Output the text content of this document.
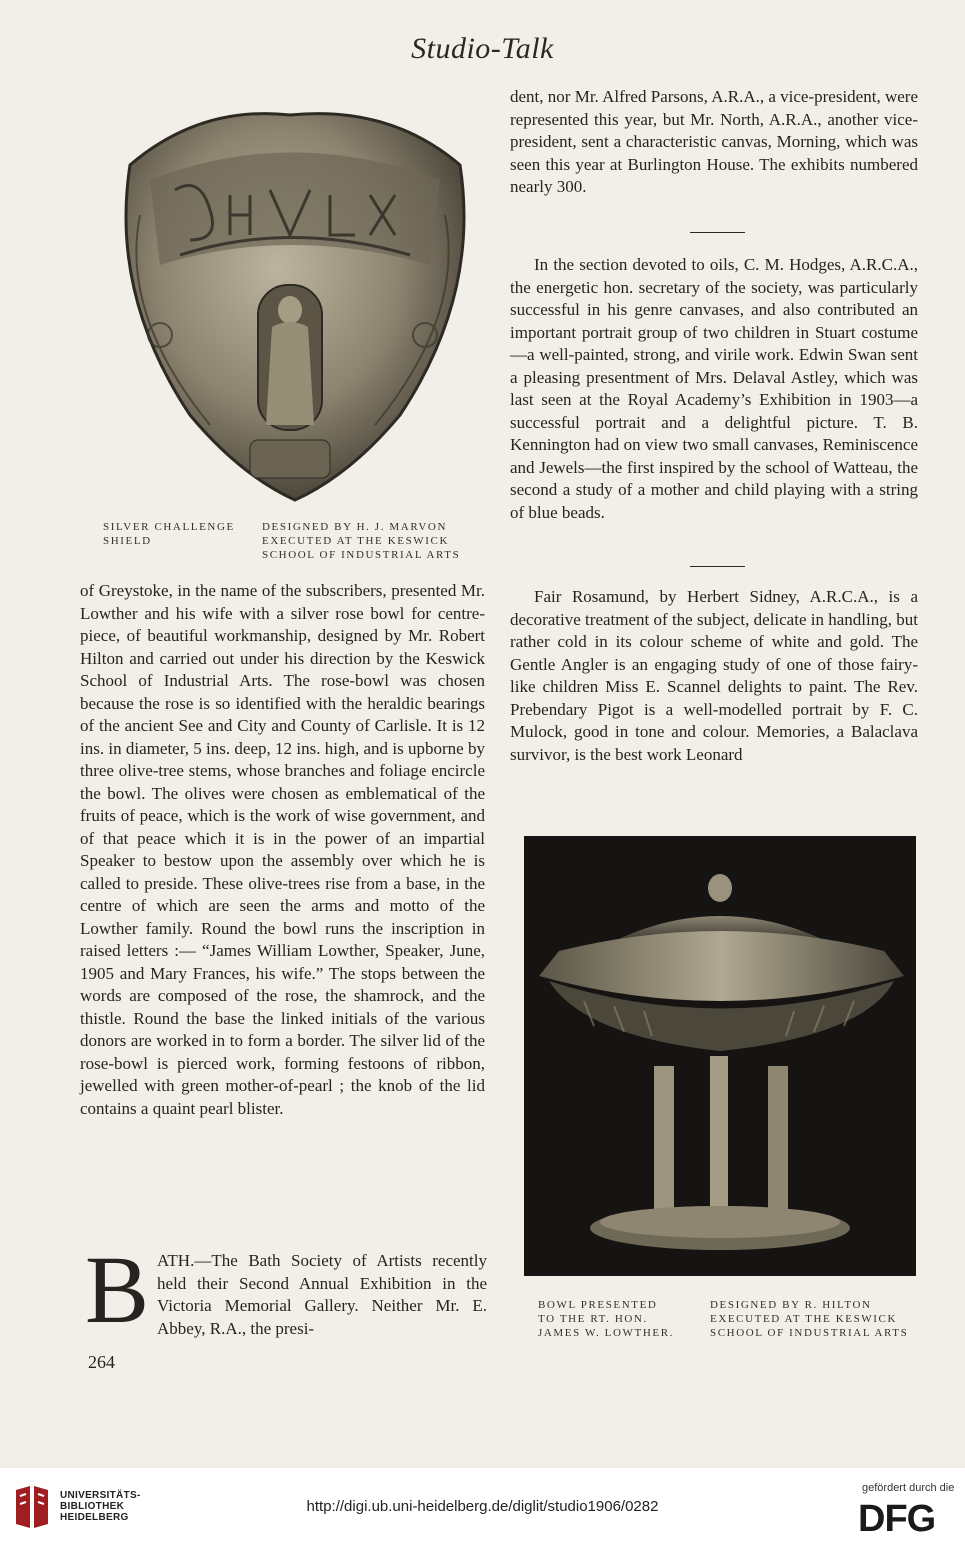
Studio-Talk
SILVER CHALLENGE
SHIELD
DESIGNED BY H. J. MARVON
EXECUTED AT THE KESWICK
SCHOOL OF INDUSTRIAL ARTS
of Greystoke, in the name of the subscribers, presented Mr. Lowther and his wife with a silver rose bowl for centre-piece, of beautiful workmanship, designed by Mr. Robert Hilton and carried out under his direction by the Keswick School of Industrial Arts. The rose-bowl was chosen because the rose is so identified with the heraldic bearings of the ancient See and City and County of Carlisle. It is 12 ins. in diameter, 5 ins. deep, 12 ins. high, and is upborne by three olive-tree stems, whose branches and foliage encircle the bowl. The olives were chosen as emblematical of the fruits of peace, which is the work of wise government, and of that peace which it is in the power of an impartial Speaker to bestow upon the assembly over which he is called to preside. These olive-trees rise from a base, in the centre of which are seen the arms and motto of the Lowther family. Round the bowl runs the inscription in raised letters :— “James William Lowther, Speaker, June, 1905 and Mary Frances, his wife.” The stops between the words are composed of the rose, the shamrock, and the thistle. Round the base the linked initials of the various donors are worked in to form a border. The silver lid of the rose-bowl is pierced work, forming festoons of ribbon, jewelled with green mother-of-pearl ; the knob of the lid contains a quaint pearl blister.
B ATH.—The Bath Society of Artists recently held their Second Annual Exhibition in the Victoria Memorial Gallery. Neither Mr. E. Abbey, R.A., the presi-
264
dent, nor Mr. Alfred Parsons, A.R.A., a vice-president, were represented this year, but Mr. North, A.R.A., another vice-president, sent a characteristic canvas, Morning, which was seen this year at Burlington House. The exhibits numbered nearly 300.
In the section devoted to oils, C. M. Hodges, A.R.C.A., the energetic hon. secretary of the society, was particularly successful in his genre canvases, and also contributed an important portrait group of two children in Stuart costume—a well-painted, strong, and virile work. Edwin Swan sent a pleasing presentment of Mrs. Delaval Astley, which was last seen at the Royal Academy’s Exhibition in 1903—a successful portrait and a delightful picture. T. B. Kennington had on view two small canvases, Reminiscence and Jewels—the first inspired by the school of Watteau, the second a study of a mother and child playing with a string of blue beads.
Fair Rosamund, by Herbert Sidney, A.R.C.A., is a decorative treatment of the subject, delicate in handling, but rather cold in its colour scheme of white and gold. The Gentle Angler is an engaging study of one of those fairy-like children Miss E. Scannel delights to paint. The Rev. Prebendary Pigot is a well-modelled portrait by F. C. Mulock, good in tone and colour. Memories, a Balaclava survivor, is the best work Leonard
BOWL PRESENTED
TO THE RT. HON.
JAMES W. LOWTHER.
DESIGNED BY R. HILTON
EXECUTED AT THE KESWICK
SCHOOL OF INDUSTRIAL ARTS
UNIVERSITÄTS-
BIBLIOTHEK
HEIDELBERG
http://digi.ub.uni-heidelberg.de/diglit/studio1906/0282
gefördert durch die
DFG
